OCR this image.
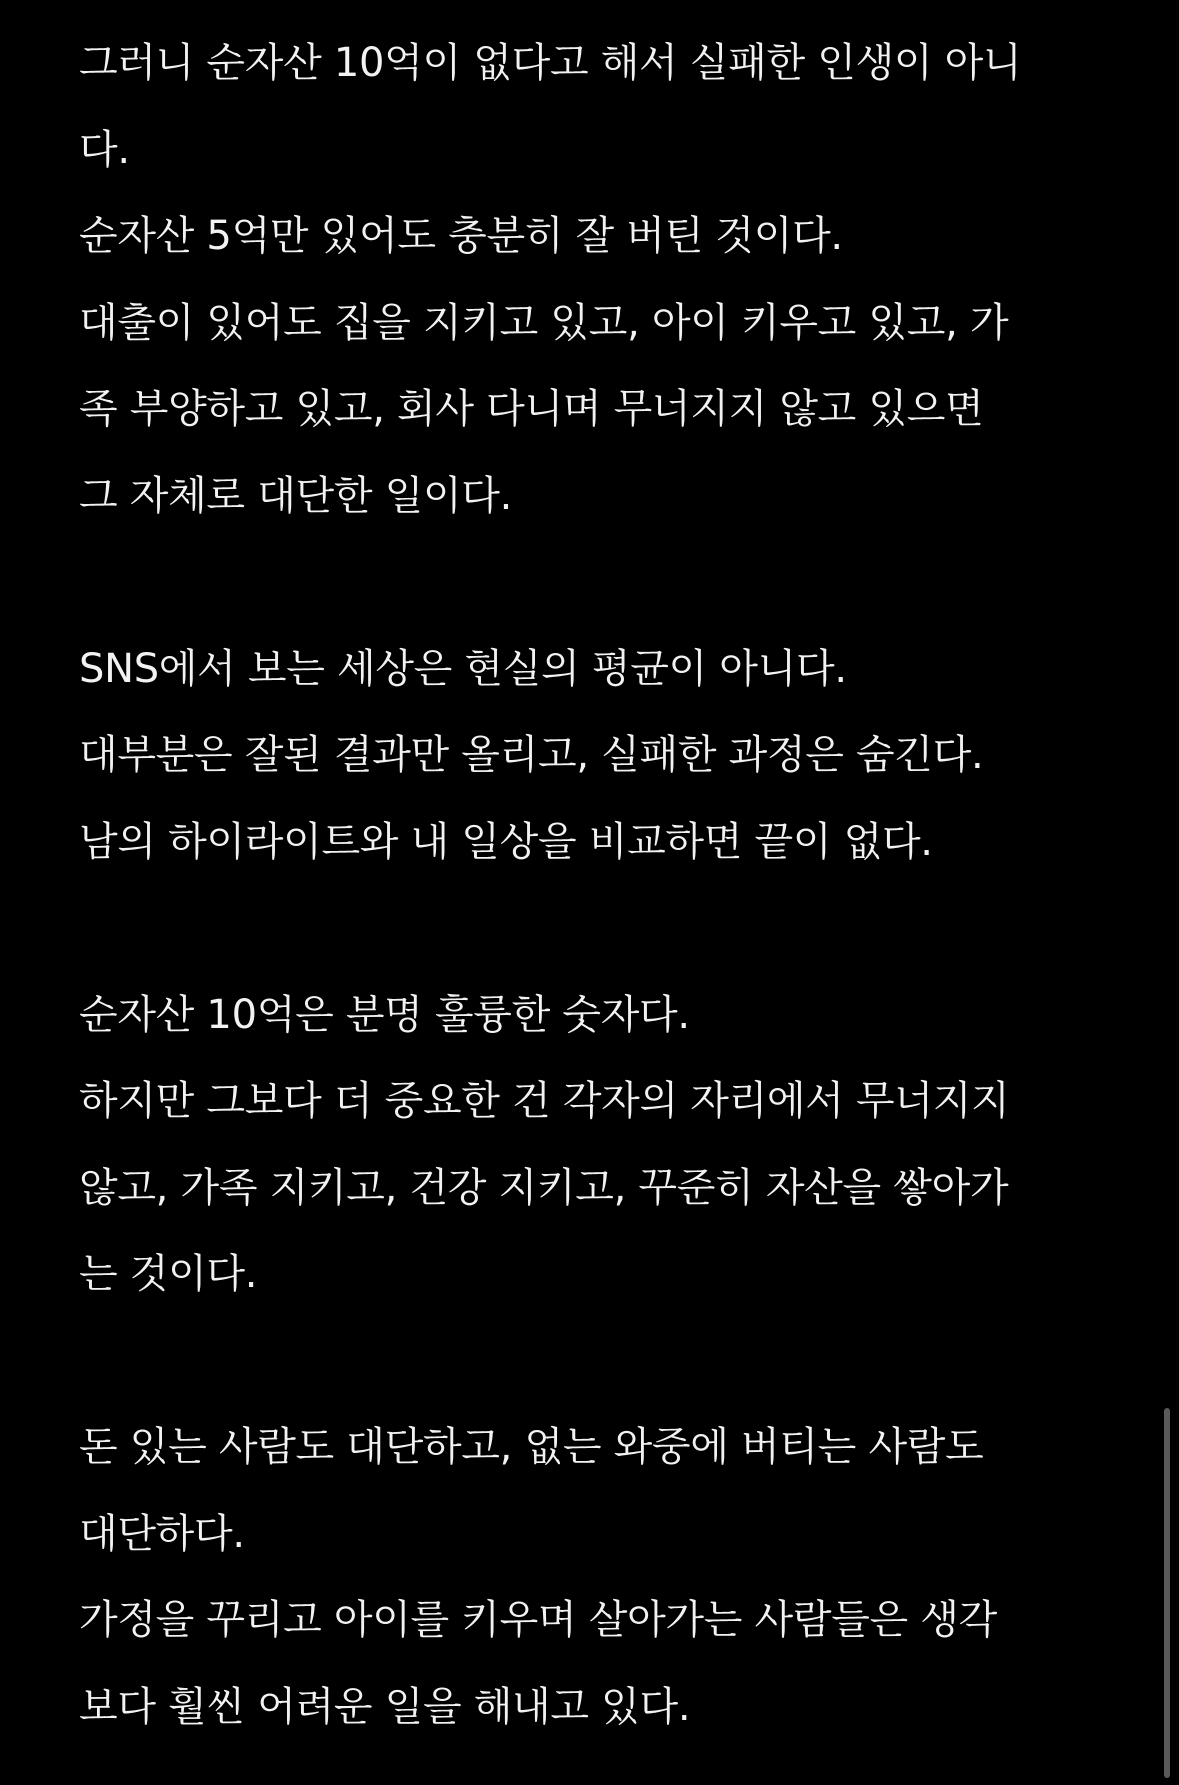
그러니 순자산 10억이 없다고 해서 실패한 인생이 아니
다.
순자산 5억만 있어도 충분히 잘 버틴 것이다.
대출이 있어도 집을 지키고 있고, 아이 키우고 있고, 가
족 부양하고 있고, 회사 다니며 무너지지 않고 있으면
그 자체로 대단한 일이다.
SNS에서 보는 세상은 현실의 평균이 아니다.
대부분은 잘된 결과만 올리고, 실패한 과정은 숨긴다.
남의 하이라이트와 내 일상을 비교하면 끝이 없다.
순자산 10억은 분명 훌륭한 숫자다.
하지만 그보다 더 중요한 건 각자의 자리에서 무너지지
않고, 가족 지키고, 건강 지키고, 꾸준히 자산을 쌓아가
는 것이다.
돈 있는 사람도 대단하고, 없는 와중에 버티는 사람도
대단하다.
가정을 꾸리고 아이를 키우며 살아가는 사람들은 생각
보다 훨씬 어려운 일을 해내고 있다.
